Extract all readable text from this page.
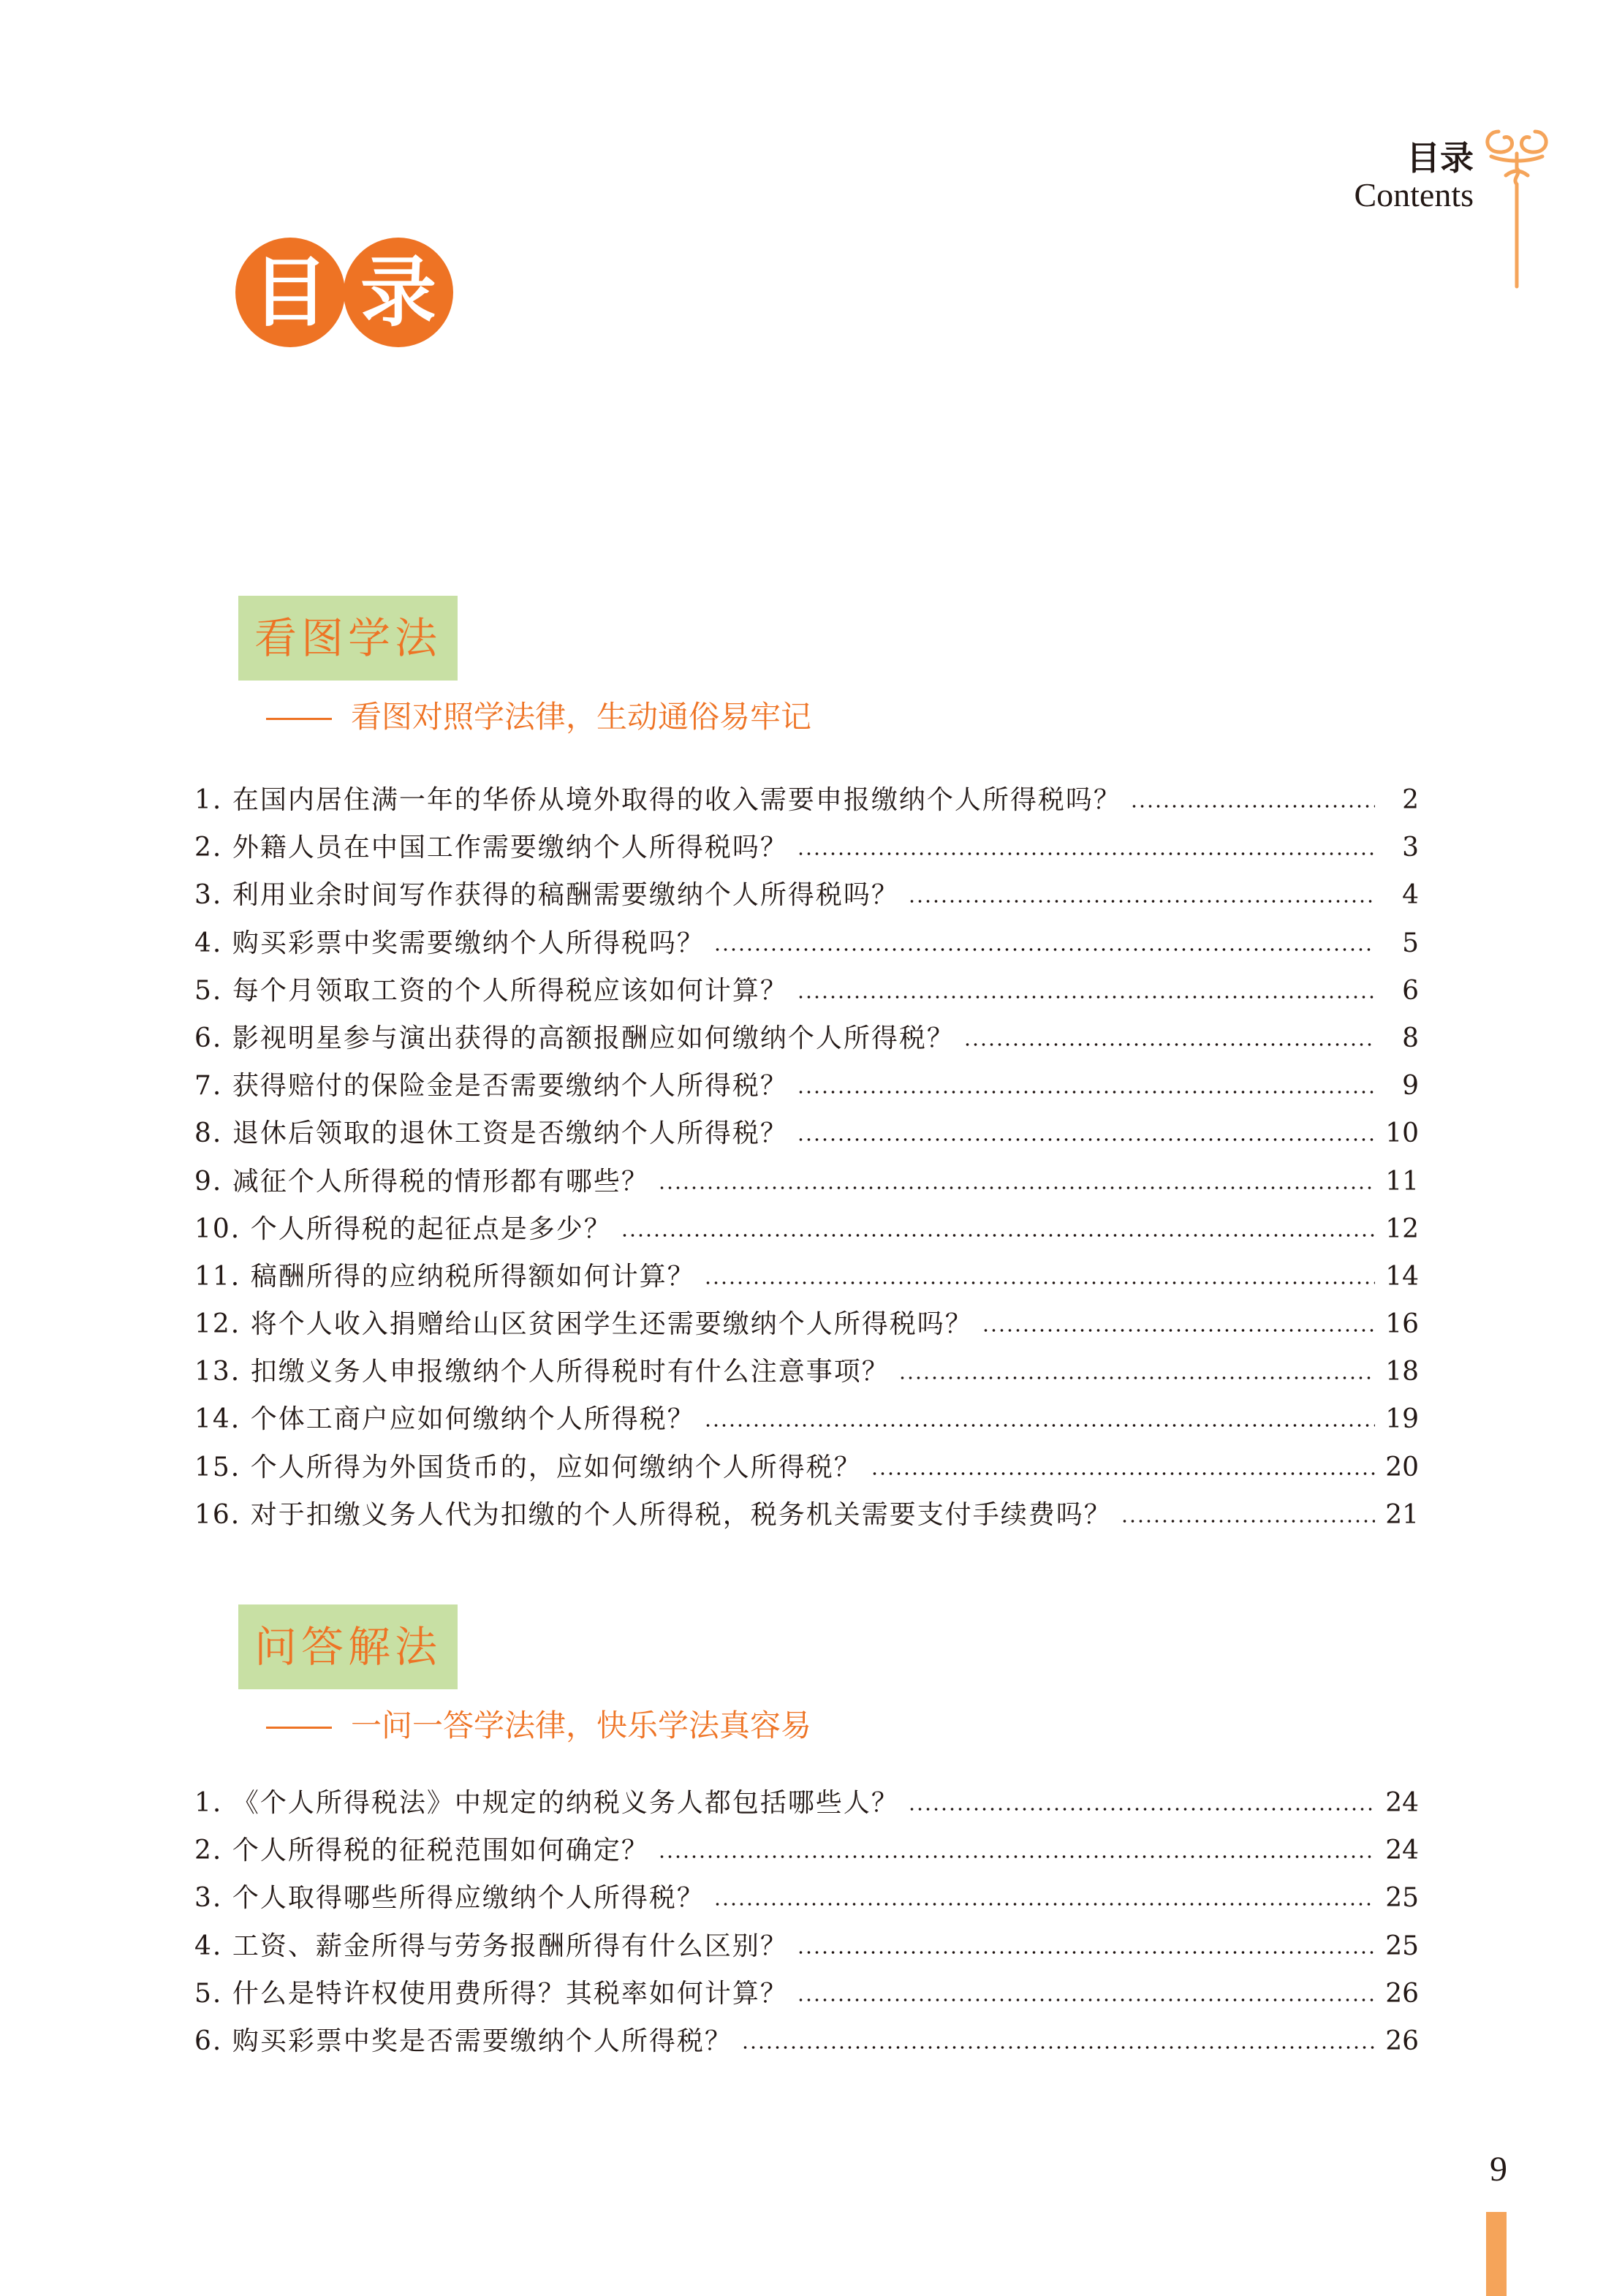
目录
Contents
目 录
看图学法
看图对照学法律，生动通俗易牢记
1. 在国内居住满一年的华侨从境外取得的收入需要申报缴纳个人所得税吗？	2
2. 外籍人员在中国工作需要缴纳个人所得税吗？	3
3. 利用业余时间写作获得的稿酬需要缴纳个人所得税吗？	4
4. 购买彩票中奖需要缴纳个人所得税吗？	5
5. 每个月领取工资的个人所得税应该如何计算？	6
6. 影视明星参与演出获得的高额报酬应如何缴纳个人所得税？	8
7. 获得赔付的保险金是否需要缴纳个人所得税？	9
8. 退休后领取的退休工资是否缴纳个人所得税？	10
9. 减征个人所得税的情形都有哪些？	11
10. 个人所得税的起征点是多少？	12
11. 稿酬所得的应纳税所得额如何计算？	14
12. 将个人收入捐赠给山区贫困学生还需要缴纳个人所得税吗？	16
13. 扣缴义务人申报缴纳个人所得税时有什么注意事项？	18
14. 个体工商户应如何缴纳个人所得税？	19
15. 个人所得为外国货币的，应如何缴纳个人所得税？	20
16. 对于扣缴义务人代为扣缴的个人所得税，税务机关需要支付手续费吗？	21
问答解法
一问一答学法律，快乐学法真容易
1. 《个人所得税法》中规定的纳税义务人都包括哪些人？	24
2. 个人所得税的征税范围如何确定？	24
3. 个人取得哪些所得应缴纳个人所得税？	25
4. 工资、薪金所得与劳务报酬所得有什么区别？	25
5. 什么是特许权使用费所得？其税率如何计算？	26
6. 购买彩票中奖是否需要缴纳个人所得税？	26
9
